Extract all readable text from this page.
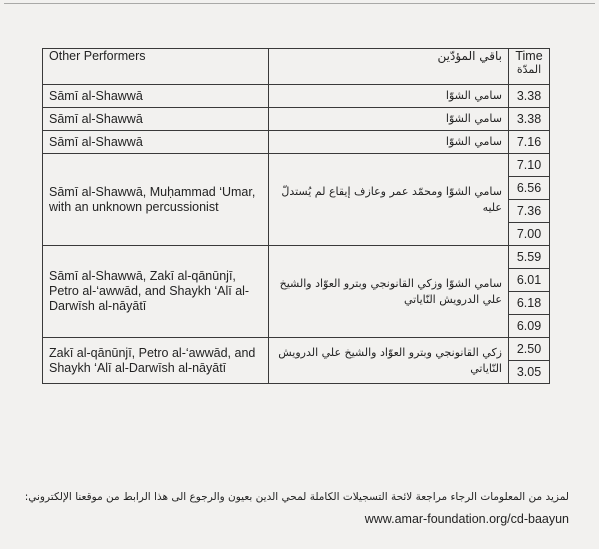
Other Performers	باقي المؤدّين	Time
المدّة

Sāmī al-Shawwā	سامي الشوّا	3.38
Sāmī al-Shawwā	سامي الشوّا	3.38
Sāmī al-Shawwā	سامي الشوّا	7.16
Sāmī al-Shawwā, Muḥammad ‘Umar, with an unknown percussionist	سامي الشوّا ومحمّد عمر وعازف إيقاع لم يُستدلّ عليه	7.10
		6.56
		7.36
		7.00
Sāmī al-Shawwā, Zakī al-qānūnjī, Petro al-‘awwād, and Shaykh ‘Alī al-Darwīsh al-nāyātī	سامي الشوّا وزكي القانونجي وبترو العوّاد والشيخ علي الدرويش النّاياتي	5.59
		6.01
		6.18
		6.09
Zakī al-qānūnjī, Petro al-‘awwād, and Shaykh ‘Alī al-Darwīsh al-nāyātī	زكي القانونجي وبترو العوّاد والشيخ علي الدرويش النّاياتي	2.50
		3.05
لمزيد من المعلومات الرجاء مراجعة لائحة التسجيلات الكاملة لمحي الدين بعيون والرجوع الى هذا الرابط من موقعنا الإلكتروني:
www.amar-foundation.org/cd-baayun
